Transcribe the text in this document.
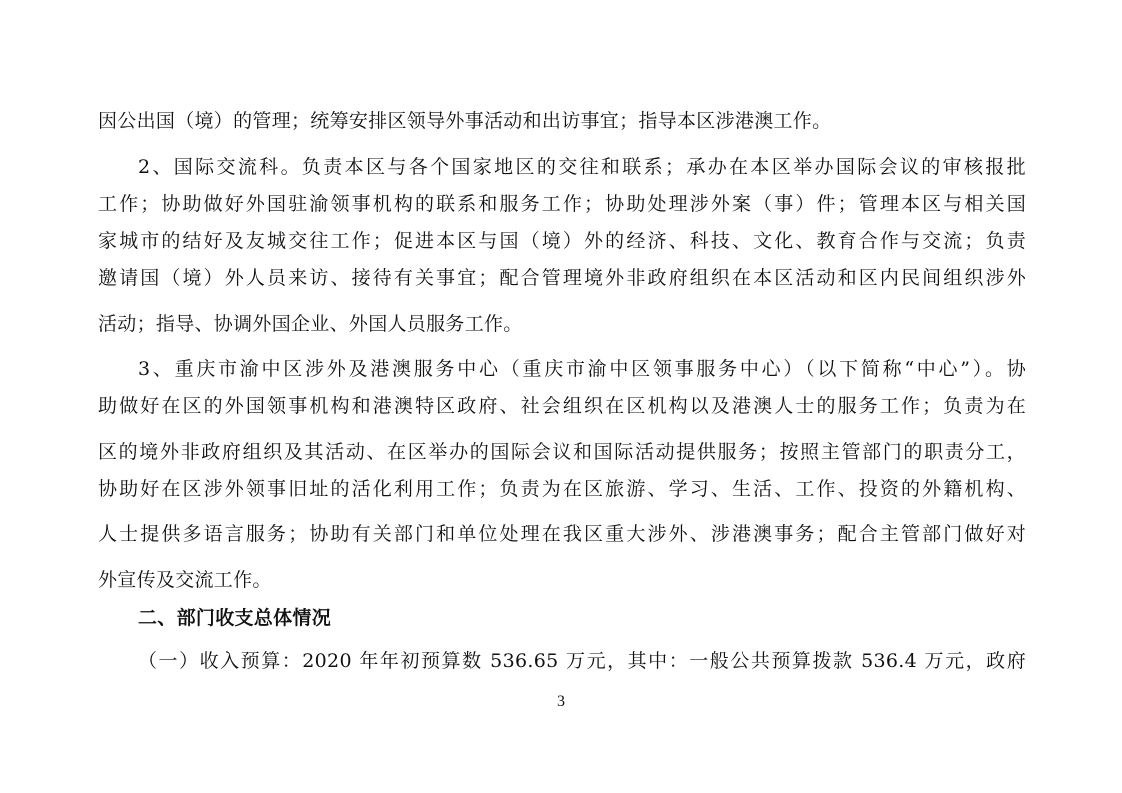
因公出国（境）的管理；统筹安排区领导外事活动和出访事宜；指导本区涉港澳工作。
2、国际交流科。负责本区与各个国家地区的交往和联系；承办在本区举办国际会议的审核报批
工作；协助做好外国驻渝领事机构的联系和服务工作；协助处理涉外案（事）件；管理本区与相关国
家城市的结好及友城交往工作；促进本区与国（境）外的经济、科技、文化、教育合作与交流；负责
邀请国（境）外人员来访、接待有关事宜；配合管理境外非政府组织在本区活动和区内民间组织涉外
活动；指导、协调外国企业、外国人员服务工作。
3、重庆市渝中区涉外及港澳服务中心（重庆市渝中区领事服务中心）（以下简称“中心”）。协
助做好在区的外国领事机构和港澳特区政府、社会组织在区机构以及港澳人士的服务工作；负责为在
区的境外非政府组织及其活动、在区举办的国际会议和国际活动提供服务；按照主管部门的职责分工，
协助好在区涉外领事旧址的活化利用工作；负责为在区旅游、学习、生活、工作、投资的外籍机构、
人士提供多语言服务；协助有关部门和单位处理在我区重大涉外、涉港澳事务；配合主管部门做好对
外宣传及交流工作。
二、部门收支总体情况
（一）收入预算：2020 年年初预算数 536.65 万元，其中：一般公共预算拨款 536.4 万元，政府
3
